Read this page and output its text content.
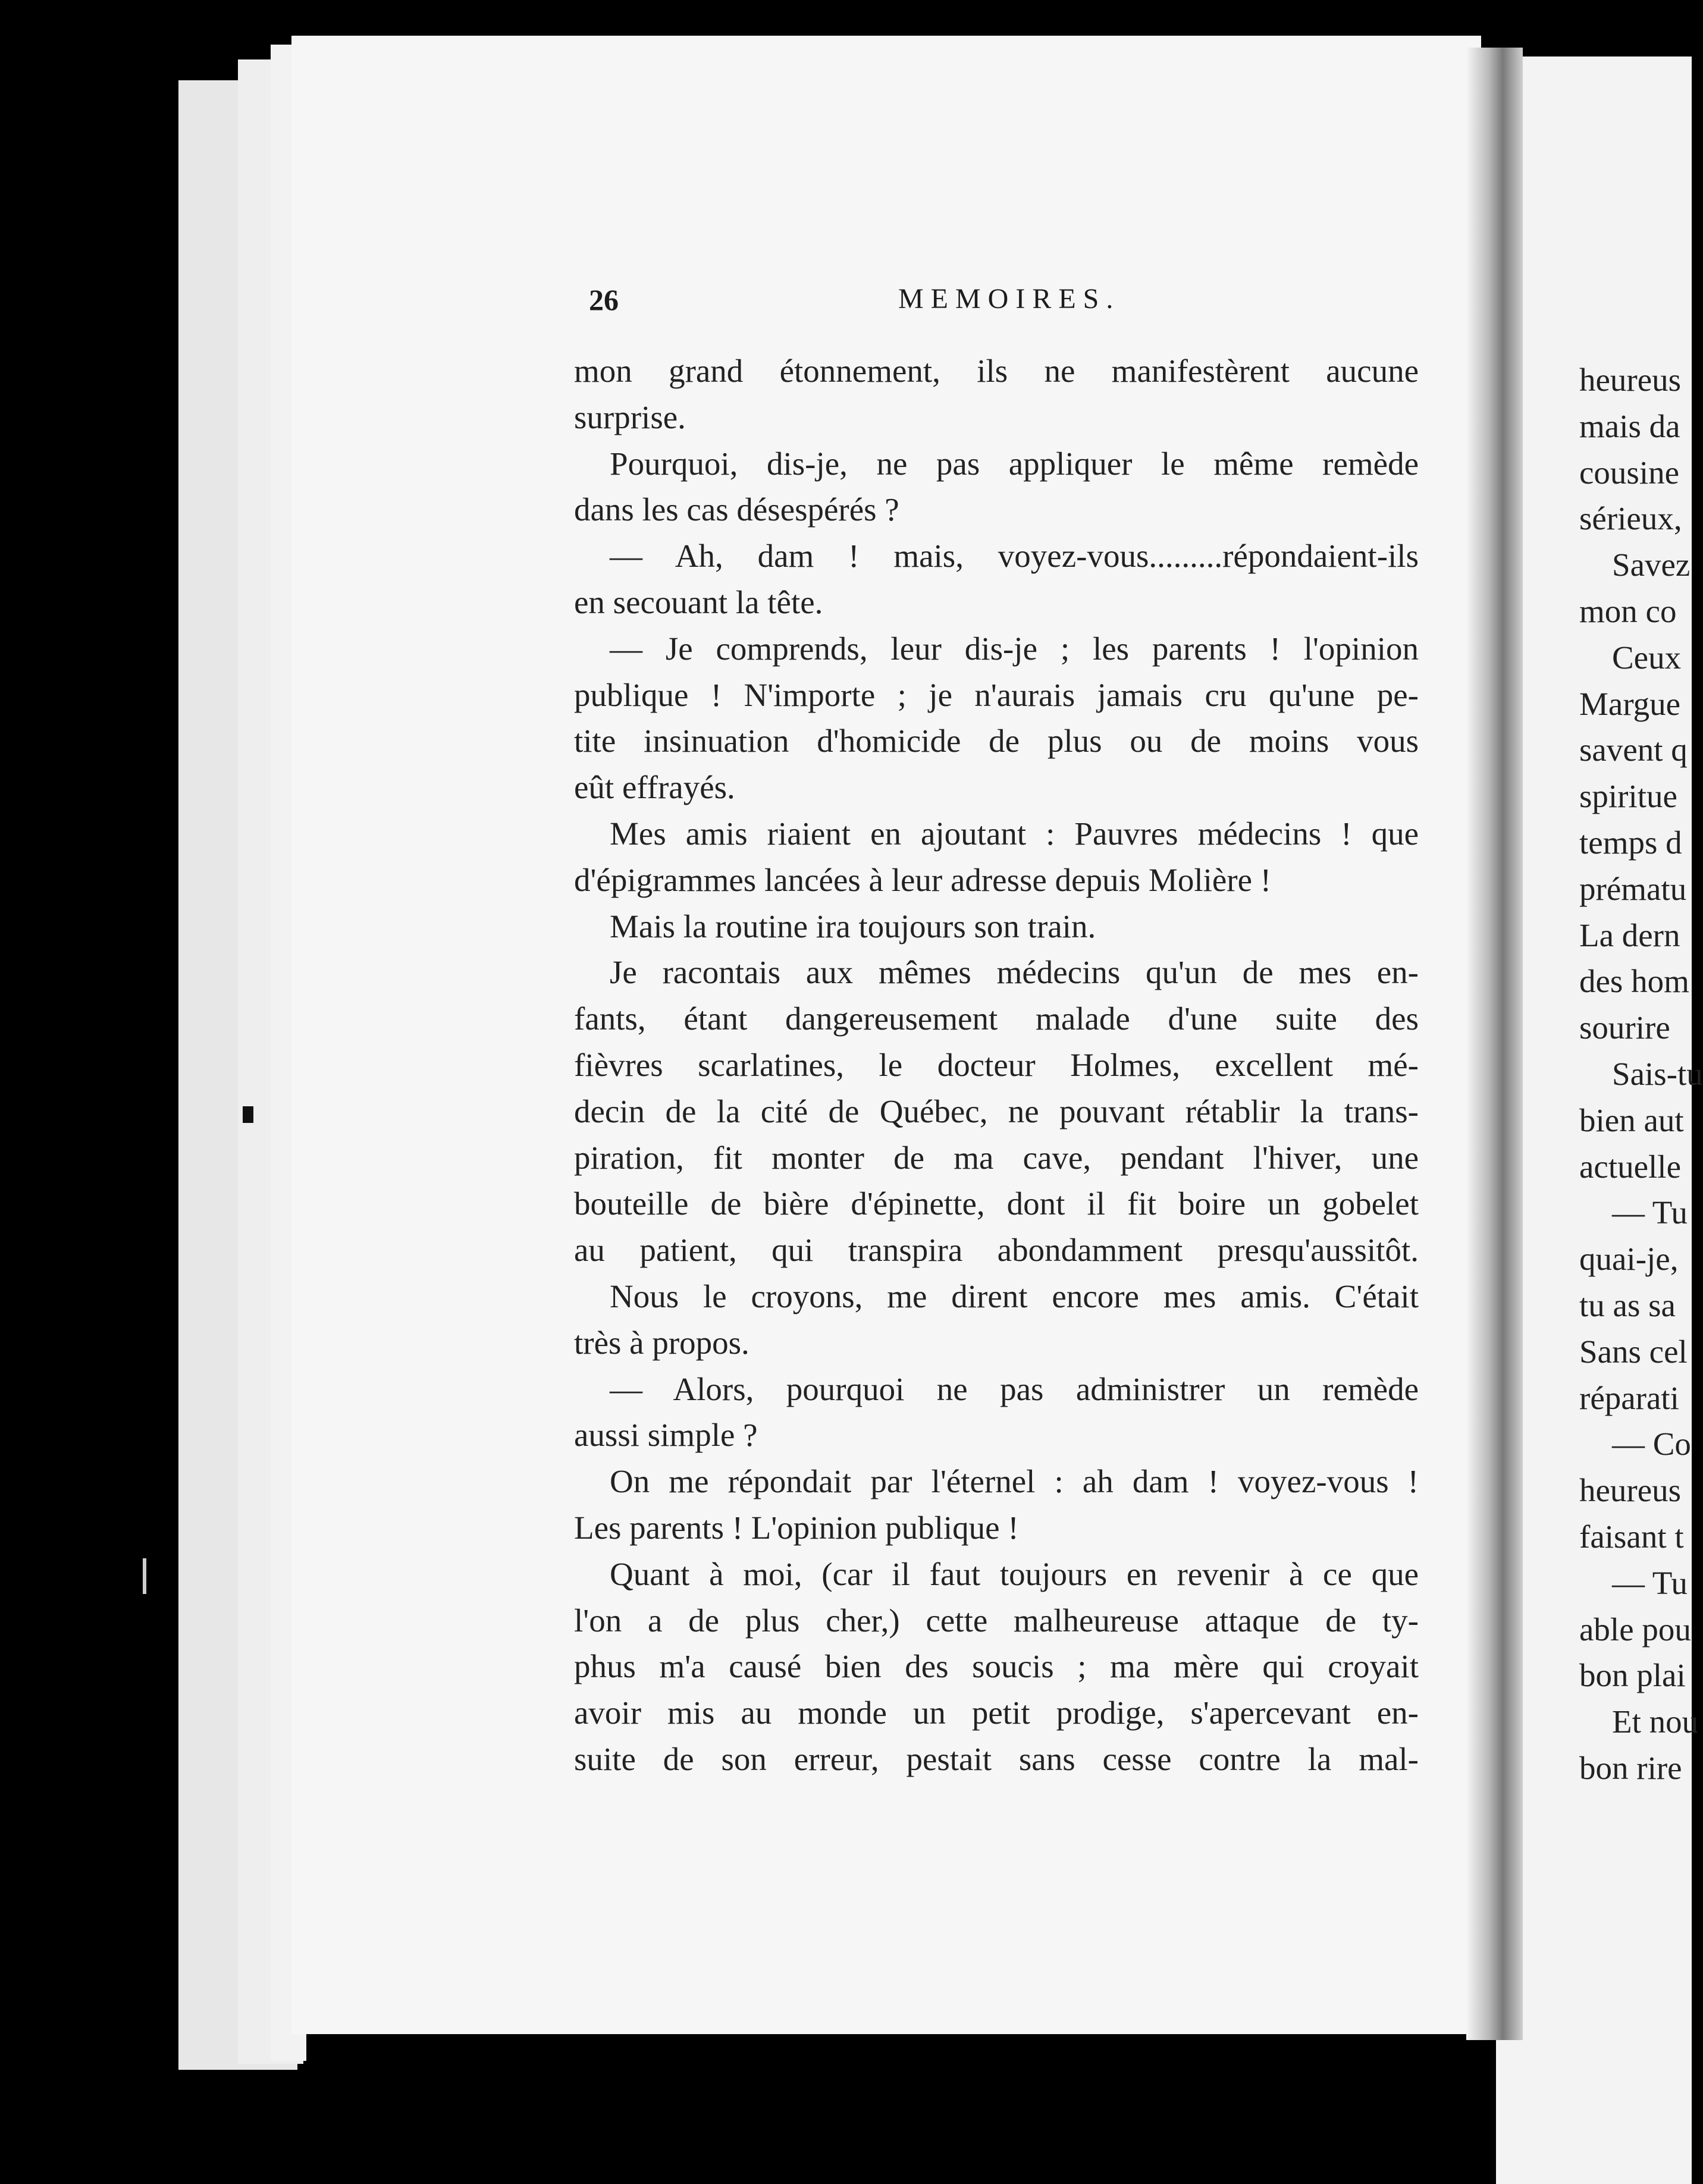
26	MEMOIRES.
mon grand étonnement, ils ne manifestèrent aucune
surprise.
Pourquoi, dis-je, ne pas appliquer le même remède
dans les cas désespérés ?
— Ah, dam ! mais, voyez-vous.........répondaient-ils
en secouant la tête.
— Je comprends, leur dis-je ; les parents ! l'opinion
publique ! N'importe ; je n'aurais jamais cru qu'une pe-
tite insinuation d'homicide de plus ou de moins vous
eût effrayés.
Mes amis riaient en ajoutant : Pauvres médecins ! que
d'épigrammes lancées à leur adresse depuis Molière !
Mais la routine ira toujours son train.
Je racontais aux mêmes médecins qu'un de mes en-
fants, étant dangereusement malade d'une suite des
fièvres scarlatines, le docteur Holmes, excellent mé-
decin de la cité de Québec, ne pouvant rétablir la trans-
piration, fit monter de ma cave, pendant l'hiver, une
bouteille de bière d'épinette, dont il fit boire un gobelet
au patient, qui transpira abondamment presqu'aussitôt.
Nous le croyons, me dirent encore mes amis. C'était
très à propos.
— Alors, pourquoi ne pas administrer un remède
aussi simple ?
On me répondait par l'éternel : ah dam ! voyez-vous !
Les parents ! L'opinion publique !
Quant à moi, (car il faut toujours en revenir à ce que
l'on a de plus cher,) cette malheureuse attaque de ty-
phus m'a causé bien des soucis ; ma mère qui croyait
avoir mis au monde un petit prodige, s'apercevant en-
suite de son erreur, pestait sans cesse contre la mal-
heureus
mais da
cousine
sérieux,
Savez
mon co
Ceux
Margue
savent q
spiritue
temps d
prématu
La dern
des hom
sourire
Sais-tu
bien aut
actuelle
— Tu
quai-je,
tu as sa
Sans cel
réparati
— Co
heureus
faisant t
— Tu
able pou
bon plai
Et nou
bon rire
